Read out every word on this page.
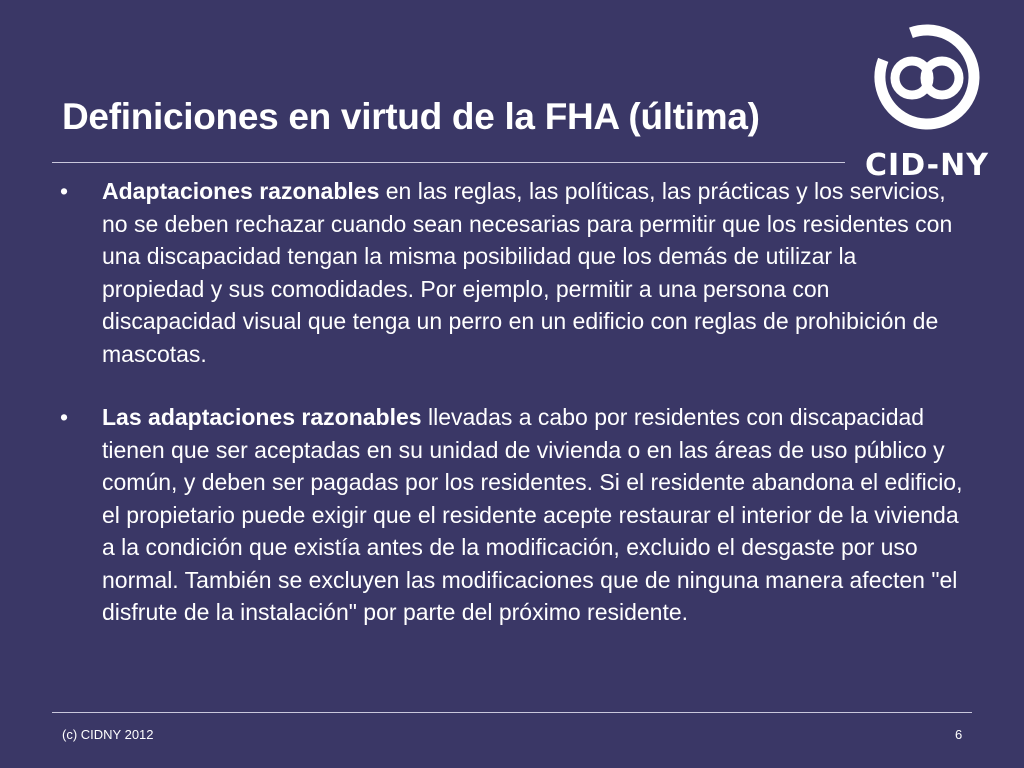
Definiciones en virtud de la FHA (última)
CID-NY
• Adaptaciones razonables en las reglas, las políticas, las prácticas y los servicios, no se deben rechazar cuando sean necesarias para permitir que los residentes con una discapacidad tengan la misma posibilidad que los demás de utilizar la propiedad y sus comodidades. Por ejemplo, permitir a una persona con discapacidad visual que tenga un perro en un edificio con reglas de prohibición de mascotas.
• Las adaptaciones razonables llevadas a cabo por residentes con discapacidad tienen que ser aceptadas en su unidad de vivienda o en las áreas de uso público y común, y deben ser pagadas por los residentes. Si el residente abandona el edificio, el propietario puede exigir que el residente acepte restaurar el interior de la vivienda a la condición que existía antes de la modificación, excluido el desgaste por uso normal. También se excluyen las modificaciones que de ninguna manera afecten "el disfrute de la instalación" por parte del próximo residente.
(c) CIDNY 2012	6
